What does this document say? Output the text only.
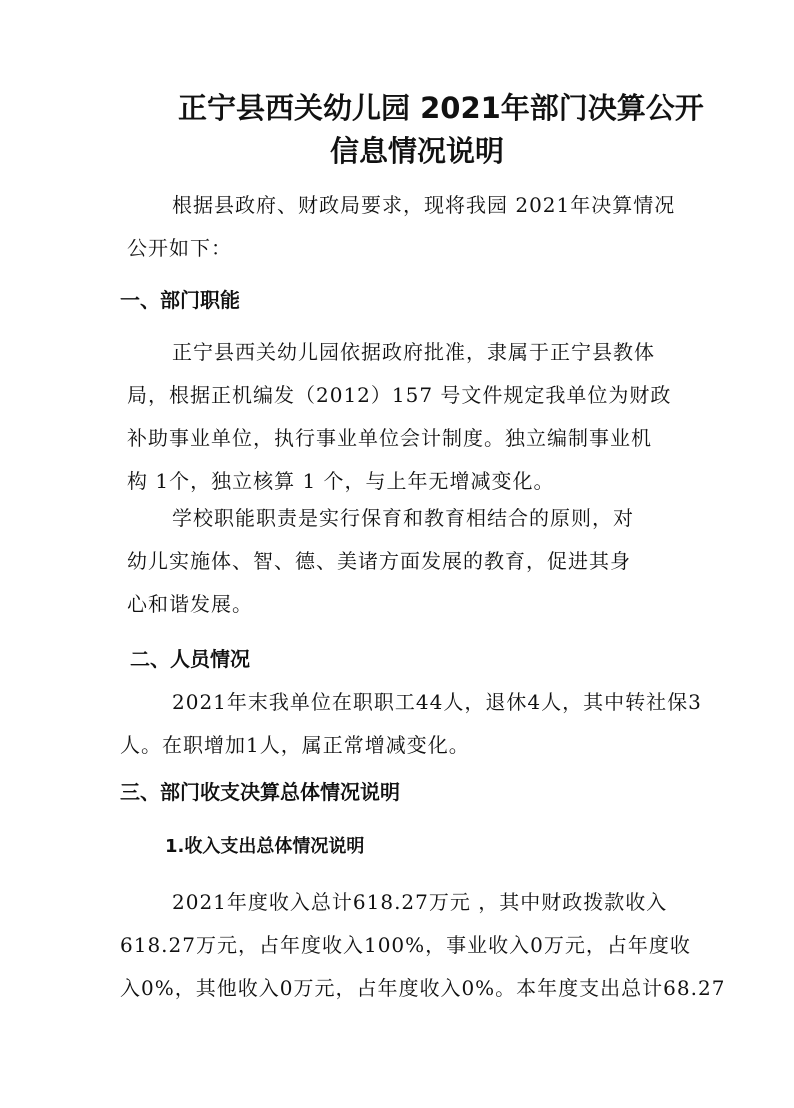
正宁县西关幼儿园 2021年部门决算公开
信息情况说明
根据县政府、财政局要求，现将我园 2021年决算情况
公开如下：
一、部门职能
正宁县西关幼儿园依据政府批准，隶属于正宁县教体
局，根据正机编发（2012）157 号文件规定我单位为财政
补助事业单位，执行事业单位会计制度。独立编制事业机
构 1个，独立核算 1 个，与上年无增减变化。
学校职能职责是实行保育和教育相结合的原则，对
幼儿实施体、智、德、美诸方面发展的教育，促进其身
心和谐发展。
二、人员情况
2021年末我单位在职职工44人，退休4人，其中转社保3
人。在职增加1人，属正常增减变化。
三、部门收支决算总体情况说明
1.收入支出总体情况说明
2021年度收入总计618.27万元 ，其中财政拨款收入
618.27万元，占年度收入100%，事业收入0万元，占年度收
入0%，其他收入0万元，占年度收入0%。本年度支出总计68.27
